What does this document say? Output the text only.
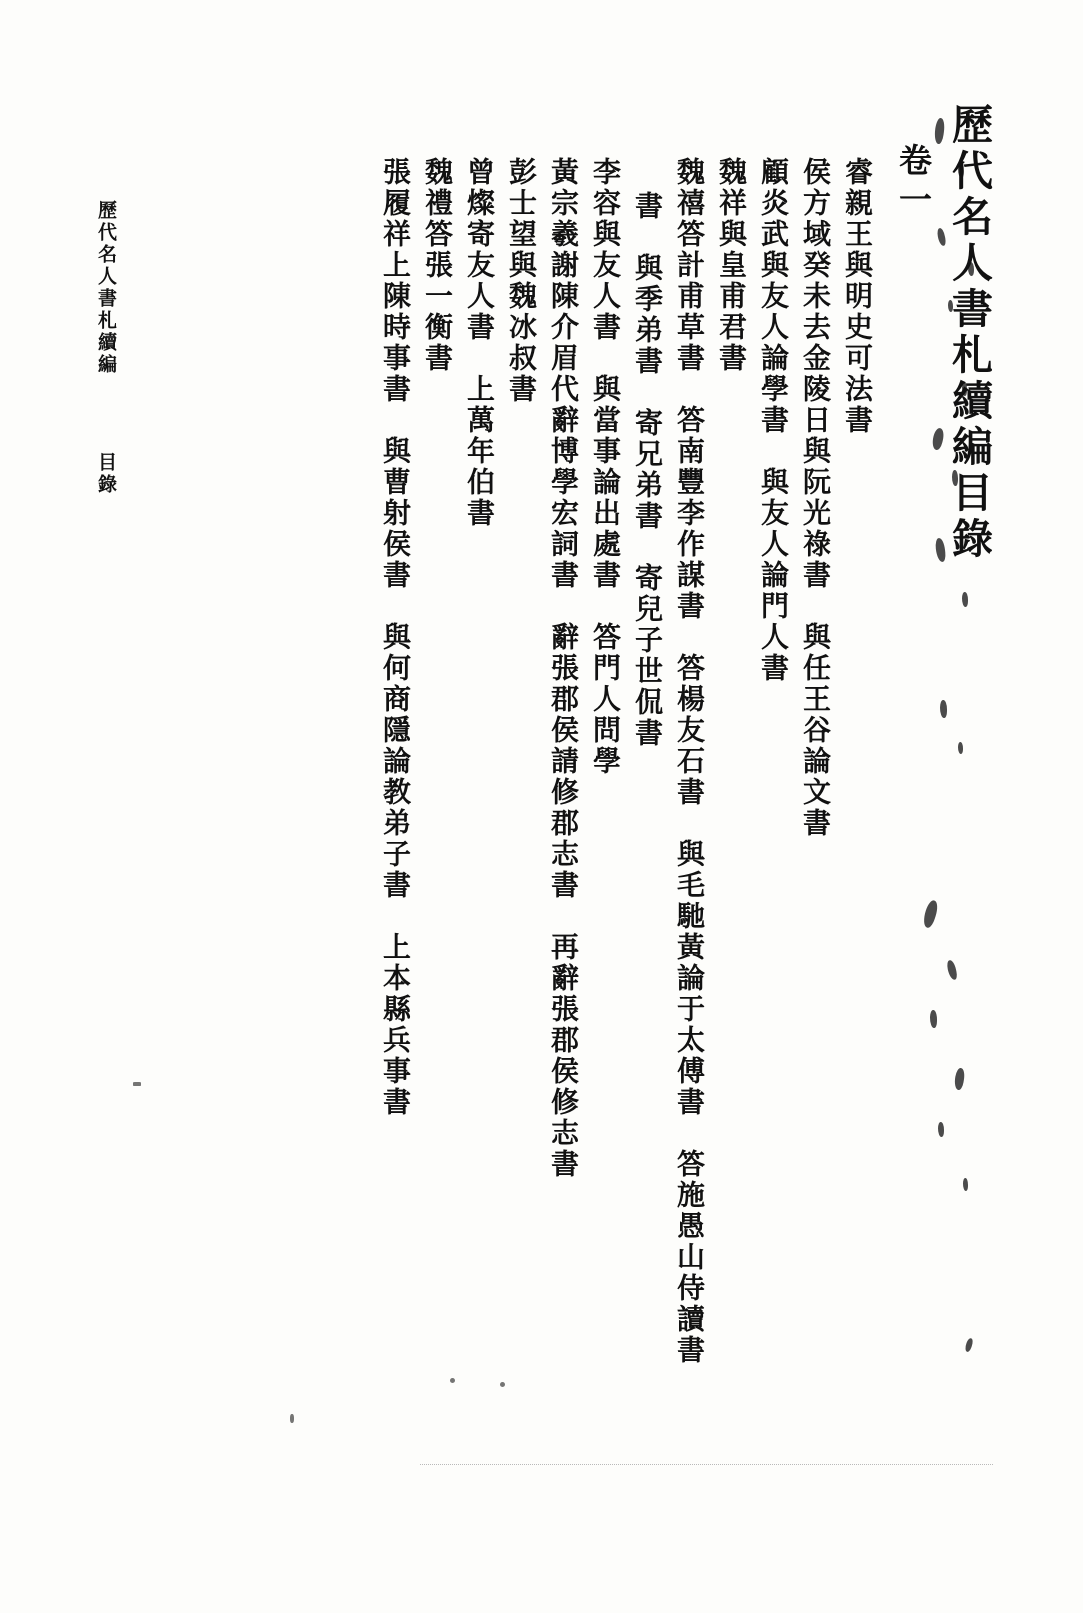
歷代名人書札續編目錄
卷一
睿親王與明史可法書
侯方域癸未去金陵日與阮光祿書　與任王谷論文書
顧炎武與友人論學書　與友人論門人書
魏祥與皇甫君書
魏禧答計甫草書　答南豐李作謀書　答楊友石書　與毛馳黃論于太傅書　答施愚山侍讀書
書　與季弟書　寄兄弟書　寄兒子世侃書
李容與友人書　與當事論出處書　答門人問學
黃宗羲謝陳介眉代辭博學宏詞書　辭張郡侯請修郡志書　再辭張郡侯修志書
彭士望與魏冰叔書
曾燦寄友人書　上萬年伯書
魏禮答張一衡書
張履祥上陳時事書　與曹射侯書　與何商隱論教弟子書　上本縣兵事書
歷代名人書札續編  目錄
